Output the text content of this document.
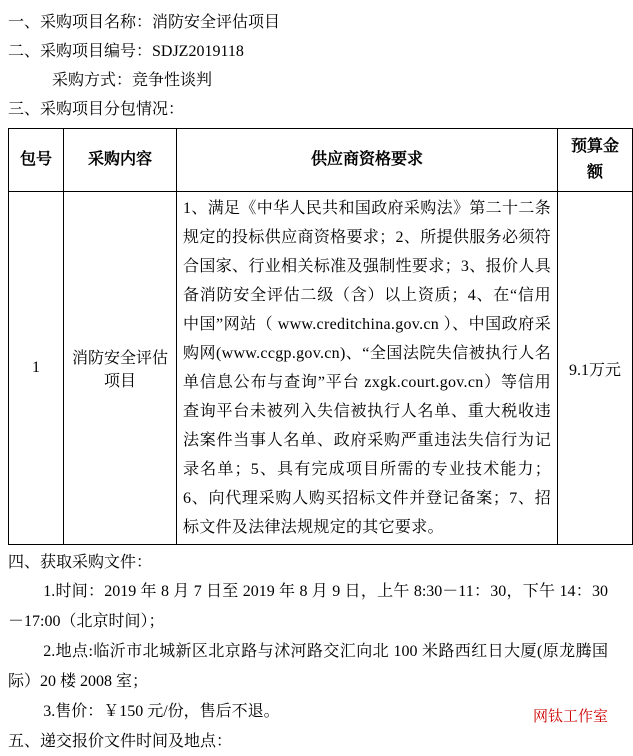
一、采购项目名称：消防安全评估项目

二、采购项目编号：SDJZ2019118

采购方式：竞争性谈判

三、采购项目分包情况：

包号	采购内容	供应商资格要求	预算金额
1	消防安全评估项目	1、满足《中华人民共和国政府采购法》第二十二条规定的投标供应商资格要求；2、所提供服务必须符合国家、行业相关标准及强制性要求；3、报价人具备消防安全评估二级（含）以上资质；4、在“信用中国”网站（ www.creditchina.gov.cn ）、中国政府采购网(www.ccgp.gov.cn)、“全国法院失信被执行人名单信息公布与查询”平台 zxgk.court.gov.cn）等信用查询平台未被列入失信被执行人名单、重大税收违法案件当事人名单、政府采购严重违法失信行为记录名单；5、具有完成项目所需的专业技术能力；6、向代理采购人购买招标文件并登记备案；7、招标文件及法律法规规定的其它要求。	9.1万元

四、获取采购文件：

1.时间：2019 年 8 月 7 日至 2019 年 8 月 9 日，上午 8:30－11：30，下午 14：30－17:00（北京时间）；

2.地点:临沂市北城新区北京路与沭河路交汇向北 100 米路西红日大厦(原龙腾国际）20 楼 2008 室；

3.售价：￥150 元/份，售后不退。

五、递交报价文件时间及地点：

网钛工作室
